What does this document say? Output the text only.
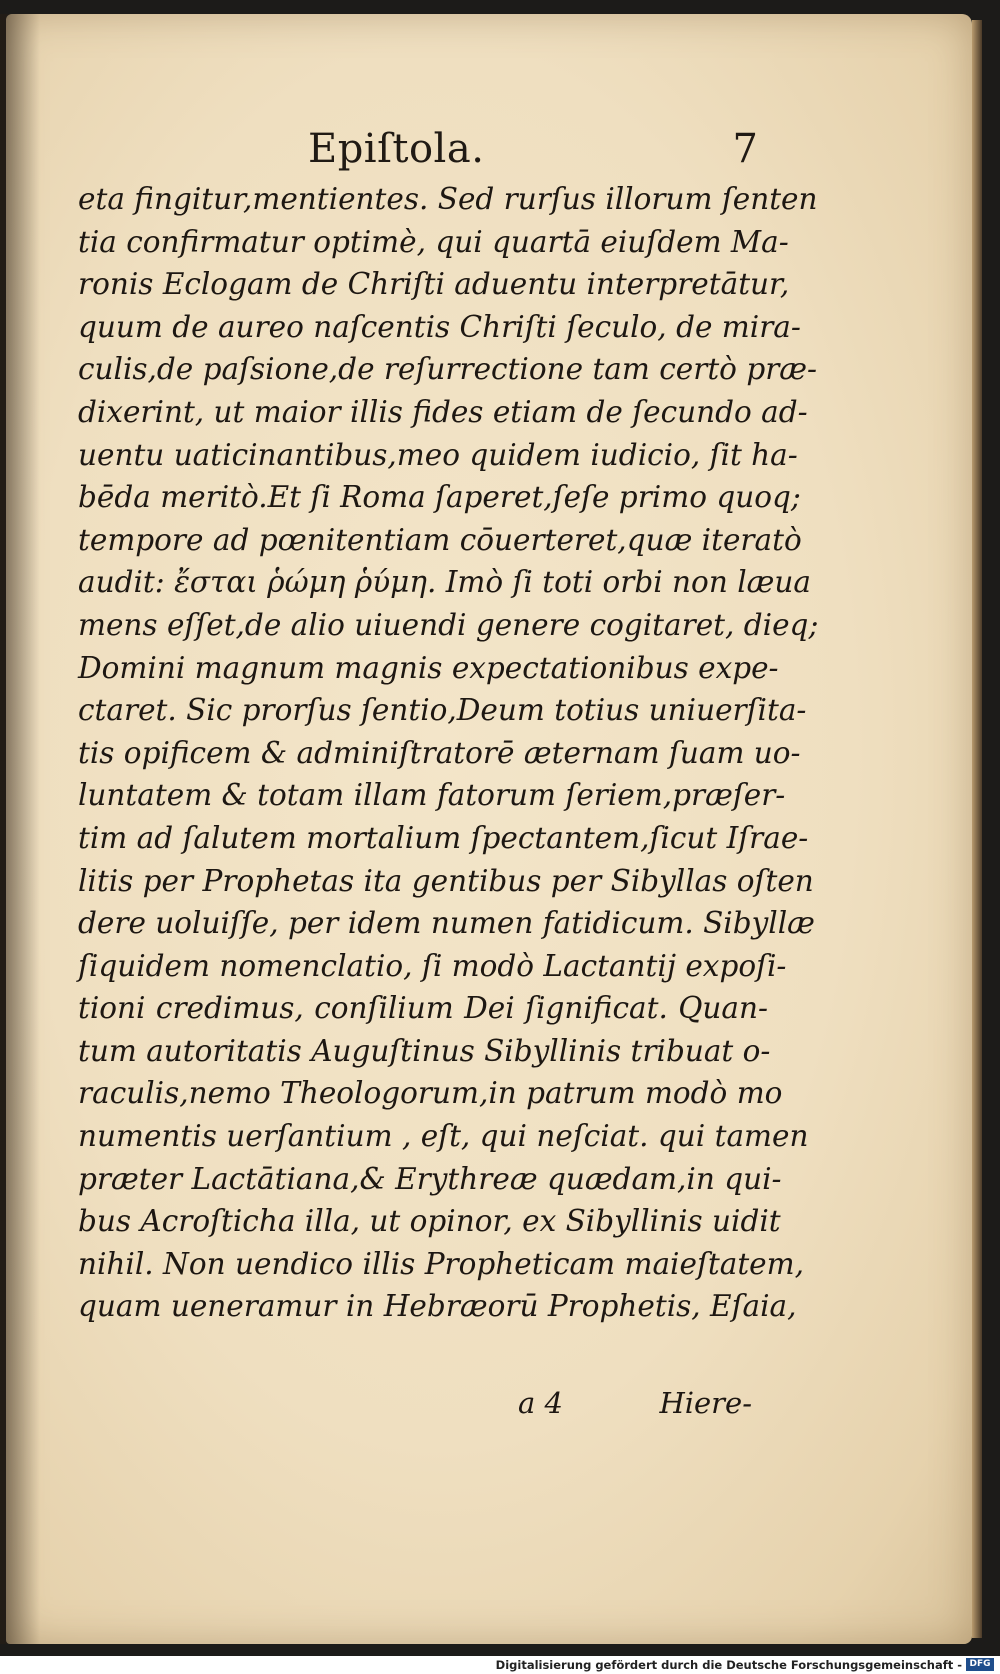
Epiſtola.	7
eta fingitur,mentientes. Sed rurſus illorum ſenten
tia confirmatur optimè, qui quartā eiuſdem Ma-
ronis Eclogam de Chriſti aduentu interpretātur,
quum de aureo naſcentis Chriſti ſeculo, de mira-
culis,de paſsione,de reſurrectione tam certò præ-
dixerint, ut maior illis fides etiam de ſecundo ad-
uentu uaticinantibus,meo quidem iudicio, ſit ha-
bēda meritò.Et ſi Roma ſaperet,ſeſe primo quoq;
tempore ad pœnitentiam cōuerteret,quæ iteratò
audit: ἔσται ῥώμη ῥύμη. Imò ſi toti orbi non læua
mens eſſet,de alio uiuendi genere cogitaret, dieq;
Domini magnum magnis expectationibus expe-
ctaret. Sic prorſus ſentio,Deum totius uniuerſita-
tis opificem & adminiſtratorē æternam ſuam uo-
luntatem & totam illam fatorum ſeriem,præſer-
tim ad ſalutem mortalium ſpectantem,ſicut Iſrae-
litis per Prophetas ita gentibus per Sibyllas oſten
dere uoluiſſe, per idem numen fatidicum. Sibyllæ
ſiquidem nomenclatio, ſi modò Lactantij expoſi-
tioni credimus, conſilium Dei ſignificat. Quan-
tum autoritatis Auguſtinus Sibyllinis tribuat o-
raculis,nemo Theologorum,in patrum modò mo
numentis uerſantium , eſt, qui neſciat. qui tamen
præter Lactātiana,& Erythreæ quædam,in qui-
bus Acroſticha illa, ut opinor, ex Sibyllinis uidit
nihil. Non uendico illis Propheticam maieſtatem,
quam ueneramur in Hebræorū Prophetis, Eſaia,
a 4	Hiere-
Digitalisierung gefördert durch die Deutsche Forschungsgemeinschaft - DFG
